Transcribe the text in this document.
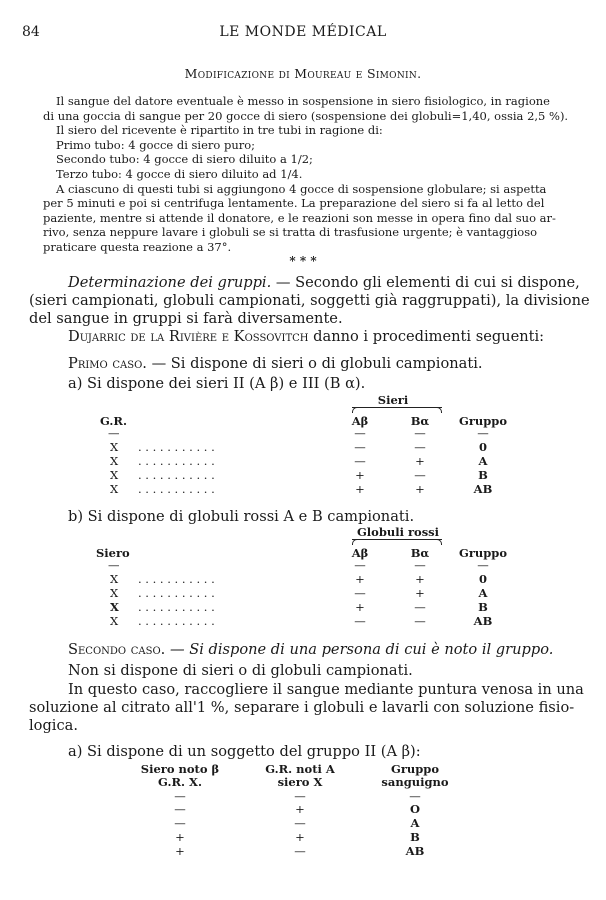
84	LE MONDE MÉDICAL
Modificazione di Moureau e Simonin.
Il sangue del datore eventuale è messo in sospensione in siero fisiologico, in ragione
di una goccia di sangue per 20 gocce di siero (sospensione dei globuli=1,40, ossia 2,5 %).
Il siero del ricevente è ripartito in tre tubi in ragione di:
Primo tubo: 4 gocce di siero puro;
Secondo tubo: 4 gocce di siero diluito a 1/2;
Terzo tubo: 4 gocce di siero diluito ad 1/4.
A ciascuno di questi tubi si aggiungono 4 gocce di sospensione globulare; si aspetta
per 5 minuti e poi si centrifuga lentamente. La preparazione del siero si fa al letto del
paziente, mentre si attende il donatore, e le reazioni son messe in opera fino dal suo ar-
rivo, senza neppure lavare i globuli se si tratta di trasfusione urgente; è vantaggioso
praticare questa reazione a 37°.
* * *
Determinazione dei gruppi. — Secondo gli elementi di cui si dispone,
(sieri campionati, globuli campionati, soggetti già raggruppati), la divisione
del sangue in gruppi si farà diversamente.
Dujarric de la Rivière e Kossovitch danno i procedimenti seguenti:
Primo caso. — Si dispone di sieri o di globuli campionati.
a) Si dispone dei sieri II (A β) e III (B α).
Sieri
G.R.	Aβ	Bα	Gruppo
—	—	—	—
X . . . . . . . . . . .	—	—	0
X . . . . . . . . . . .	—	+	A
X . . . . . . . . . . .	+	—	B
X . . . . . . . . . . .	+	+	AB
b) Si dispone di globuli rossi A e B campionati.
Globuli rossi
Siero	Aβ	Bα	Gruppo
—	—	—	—
X . . . . . . . . . . .	+	+	0
X . . . . . . . . . . .	—	+	A
X . . . . . . . . . . .	+	—	B
X . . . . . . . . . . .	—	—	AB
Secondo caso. — Si dispone di una persona di cui è noto il gruppo.
Non si dispone di sieri o di globuli campionati.
In questo caso, raccogliere il sangue mediante puntura venosa in una
soluzione al citrato all'1 %, separare i globuli e lavarli con soluzione fisio-
logica.
a) Si dispone di un soggetto del gruppo II (A β):
Siero noto β
G.R. X.
G.R. noti A
siero X
Gruppo
sanguigno
—	—	—
—	+	O
—	—	A
+	+	B
+	—	AB
